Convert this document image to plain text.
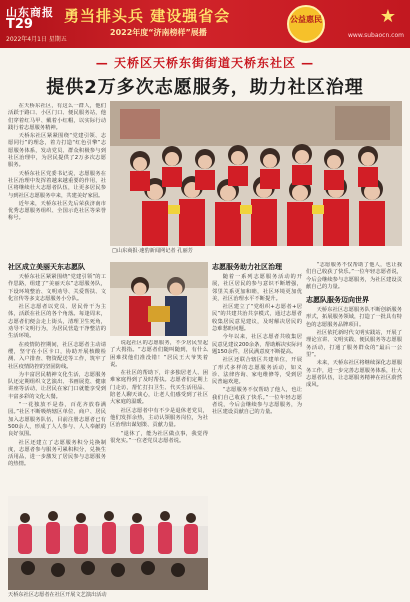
山东商报
T29
2022年4月1日 星期五
勇当排头兵 建设强省会
2022年度“济南榜样”展播
公益惠民	★
www.subaocn.com
— 天桥区天桥东街街道天桥东社区 —
提供2万多次志愿服务，助力社区治理

在天桥东社区，有这么一群人，他们活跃于路口、小区门口、便民服务站，他们穿着红马甲、戴着小红帽，以实际行动践行着志愿服务精神。

天桥东社区紧紧围绕“党建引领、志愿同行”的理念，着力打造“红色引擎”志愿服务体系，发动党员、群众积极参与到社区治理中，为居民提供了2万多次志愿服务。

天桥东社区党委书记说，志愿服务在社区治理中发挥着越来越重要的作用，社区将继续壮大志愿者队伍，让更多居民参与到社区志愿服务中来，共建美好家园。

近年来，天桥东社区先后荣获济南市优秀志愿服务组织、全国示范社区等荣誉称号。

□山东商报·速豹新闻网记者 孔丽芳
社区成立美丽天东志愿队

天桥东社区紧紧围绕“党建引领”的工作思路，组建了“美丽天东”志愿服务队，下设环境整治、文明劝导、关爱帮扶、文化宣传等多支志愿服务小分队。

社区志愿者以党员、居民骨干为主体，活跃在社区的各个角落。每逢周末，志愿者们便会走上街头，清理卫生死角，劝导不文明行为，为居民营造干净整洁的生活环境。

在疫情防控期间，社区志愿者主动请缨，坚守在小区卡口，协助开展核酸检测、入户排查、物资配送等工作，筑牢了社区疫情防控的坚固防线。

为丰富居民精神文化生活，志愿服务队还定期组织文艺演出、书画展览、健康讲座等活动，让居民在家门口就能享受到丰富多彩的文化大餐。

“一花独放不是春，百花齐放春满园。”社区不断吸纳辖区单位、商户、居民加入志愿服务队伍，目前注册志愿者已有500余人，形成了人人参与、人人奉献的良好氛围。

社区还建立了志愿服务积分兑换制度，志愿者参与服务可累积积分，兑换生活用品，进一步激发了居民参与志愿服务的热情。

说起社区的志愿服务，不少居民竖起了大拇指。“志愿者们随叫随到，有什么困难找他们准没错！”居民王大爷笑着说。

在社区的帮助下，许多独居老人、困难家庭得到了及时帮扶。志愿者们定期上门走访，帮忙打扫卫生、代买生活用品、陪老人聊天谈心，让老人们感受到了社区大家庭的温暖。

社区志愿者中有不少是退休老党员，他们发挥余热，主动认领服务岗位，为社区治理出谋划策、贡献力量。

“退休了，能为社区做点事，我觉得很充实。”一位老党员志愿者说。

志愿服务助力社区治理

随着一系列志愿服务活动的开展，社区居民的参与意识不断增强，邻里关系更加和睦，社区环境更加优美，社区治理水平不断提升。

社区建立了“党组织+志愿者+居民”的共建共治共享模式，通过志愿者收集居民意见建议，及时解决居民的急难愁盼问题。

今年以来，社区志愿者共收集居民意见建议200余条，帮助解决实际问题150余件，居民满意度不断提高。

社区还联合辖区共建单位，开展了形式多样的志愿服务活动，如义诊、法律咨询、家电维修等，受到居民普遍欢迎。

“志愿服务不仅帮助了他人，也让我们自己收获了快乐。”一位年轻志愿者说，今后会继续参与志愿服务，为社区建设贡献自己的力量。

“志愿服务不仅帮助了他人，也让我们自己收获了快乐。”一位年轻志愿者说，今后会继续参与志愿服务，为社区建设贡献自己的力量。

志愿队服务迈向世界

天桥东社区志愿服务队不断创新服务形式，拓展服务领域，打造了一批具有特色的志愿服务品牌项目。

社区依托新时代文明实践站，开展了理论宣讲、文明实践、便民服务等志愿服务活动，打通了服务群众的“最后一公里”。

未来，天桥东社区将继续深化志愿服务工作，进一步完善志愿服务体系，壮大志愿者队伍，让志愿服务精神在社区蔚然成风。

天桥东社区志愿者在社区开展文艺演出活动
